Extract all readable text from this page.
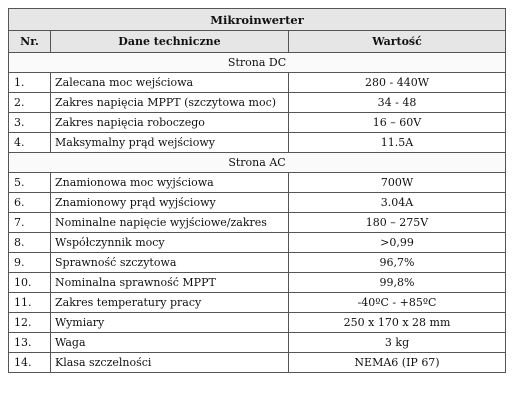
Mikroinwerter		
Nr.	Dane techniczne	Wartość
Strona DC		
1.	Zalecana moc wejściowa	280 - 440W
2.	Zakres napięcia MPPT (szczytowa moc)	34 - 48
3.	Zakres napięcia roboczego	16 – 60V
4.	Maksymalny prąd wejściowy	11.5A
Strona AC		
5.	Znamionowa moc wyjściowa	700W
6.	Znamionowy prąd wyjściowy	3.04A
7.	Nominalne napięcie wyjściowe/zakres	180 – 275V
8.	Współczynnik mocy	>0,99
9.	Sprawność szczytowa	96,7%
10.	Nominalna sprawność MPPT	99,8%
11.	Zakres temperatury pracy	-40ºC - +85ºC
12.	Wymiary	250 x 170 x 28 mm
13.	Waga	3 kg
14.	Klasa szczelności	NEMA6 (IP 67)
